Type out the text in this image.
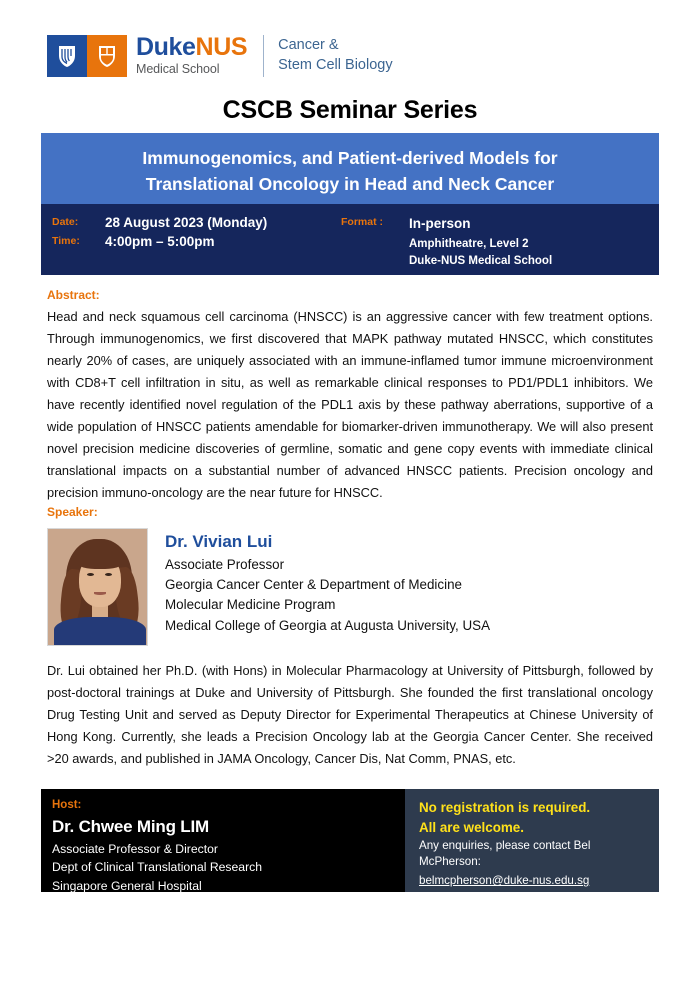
DukeNUS
Medical School
Cancer &
Stem Cell Biology
CSCB Seminar Series
Immunogenomics, and Patient-derived Models for
Translational Oncology in Head and Neck Cancer
Date:	28 August 2023 (Monday)
Time:	4:00pm – 5:00pm
Format :	In-person
Amphitheatre, Level 2
Duke-NUS Medical School
Abstract:
Head and neck squamous cell carcinoma (HNSCC) is an aggressive cancer with few treatment options. Through immunogenomics, we first discovered that MAPK pathway mutated HNSCC, which constitutes nearly 20% of cases, are uniquely associated with an immune-inflamed tumor immune microenvironment with CD8+T cell infiltration in situ, as well as remarkable clinical responses to PD1/PDL1 inhibitors. We have recently identified novel regulation of the PDL1 axis by these pathway aberrations, supportive of a wide population of HNSCC patients amendable for biomarker-driven immunotherapy. We will also present novel precision medicine discoveries of germline, somatic and gene copy events with immediate clinical translational impacts on a substantial number of advanced HNSCC patients. Precision oncology and precision immuno-oncology are the near future for HNSCC.
Speaker:
Dr. Vivian Lui
Associate Professor
Georgia Cancer Center & Department of Medicine
Molecular Medicine Program
Medical College of Georgia at Augusta University, USA
Dr. Lui obtained her Ph.D. (with Hons) in Molecular Pharmacology at University of Pittsburgh, followed by post-doctoral trainings at Duke and University of Pittsburgh. She founded the first translational oncology Drug Testing Unit and served as Deputy Director for Experimental Therapeutics at Chinese University of Hong Kong. Currently, she leads a Precision Oncology lab at the Georgia Cancer Center. She received >20 awards, and published in JAMA Oncology, Cancer Dis, Nat Comm, PNAS, etc.
Host:
Dr. Chwee Ming LIM
Associate Professor & Director
Dept of Clinical Translational Research
Singapore General Hospital
No registration is required.
All are welcome.
Any enquiries, please contact Bel
McPherson:
belmcpherson@duke-nus.edu.sg
